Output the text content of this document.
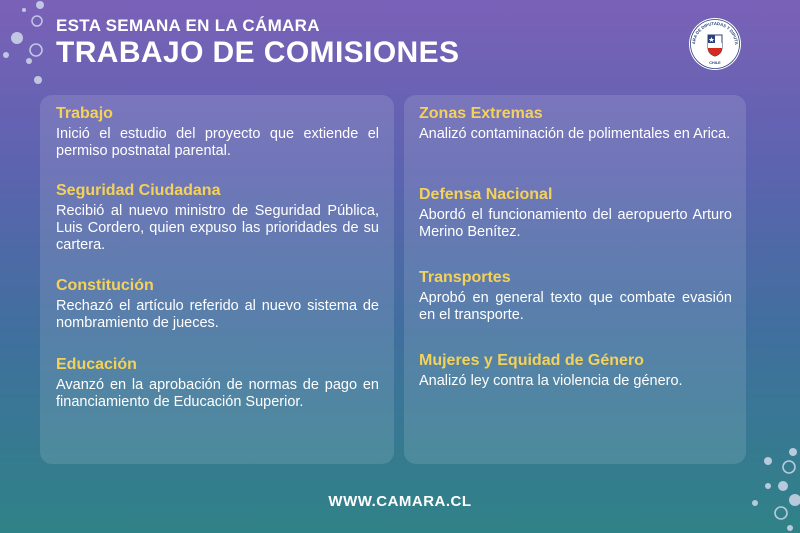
ESTA SEMANA EN LA CÁMARA
TRABAJO DE COMISIONES	ARA DE DIPUTADAS Y DIPUTA
CHILE
Trabajo

Inició el estudio del proyecto que extiende el permiso postnatal parental.

Seguridad Ciudadana

Recibió al nuevo ministro de Seguridad Pública, Luis Cordero, quien expuso las prioridades de su cartera.

Constitución

Rechazó el artículo referido al nuevo sistema de nombramiento de jueces.

Educación

Avanzó en la aprobación de normas de pago en financiamiento de Educación Superior.

Zonas Extremas

Analizó contaminación de polimentales en Arica.

Defensa Nacional

Abordó el funcionamiento del aeropuerto Arturo Merino Benítez.

Transportes

Aprobó en general texto que combate evasión en el transporte.

Mujeres y Equidad de Género

Analizó ley contra la violencia de género.

WWW.CAMARA.CL
